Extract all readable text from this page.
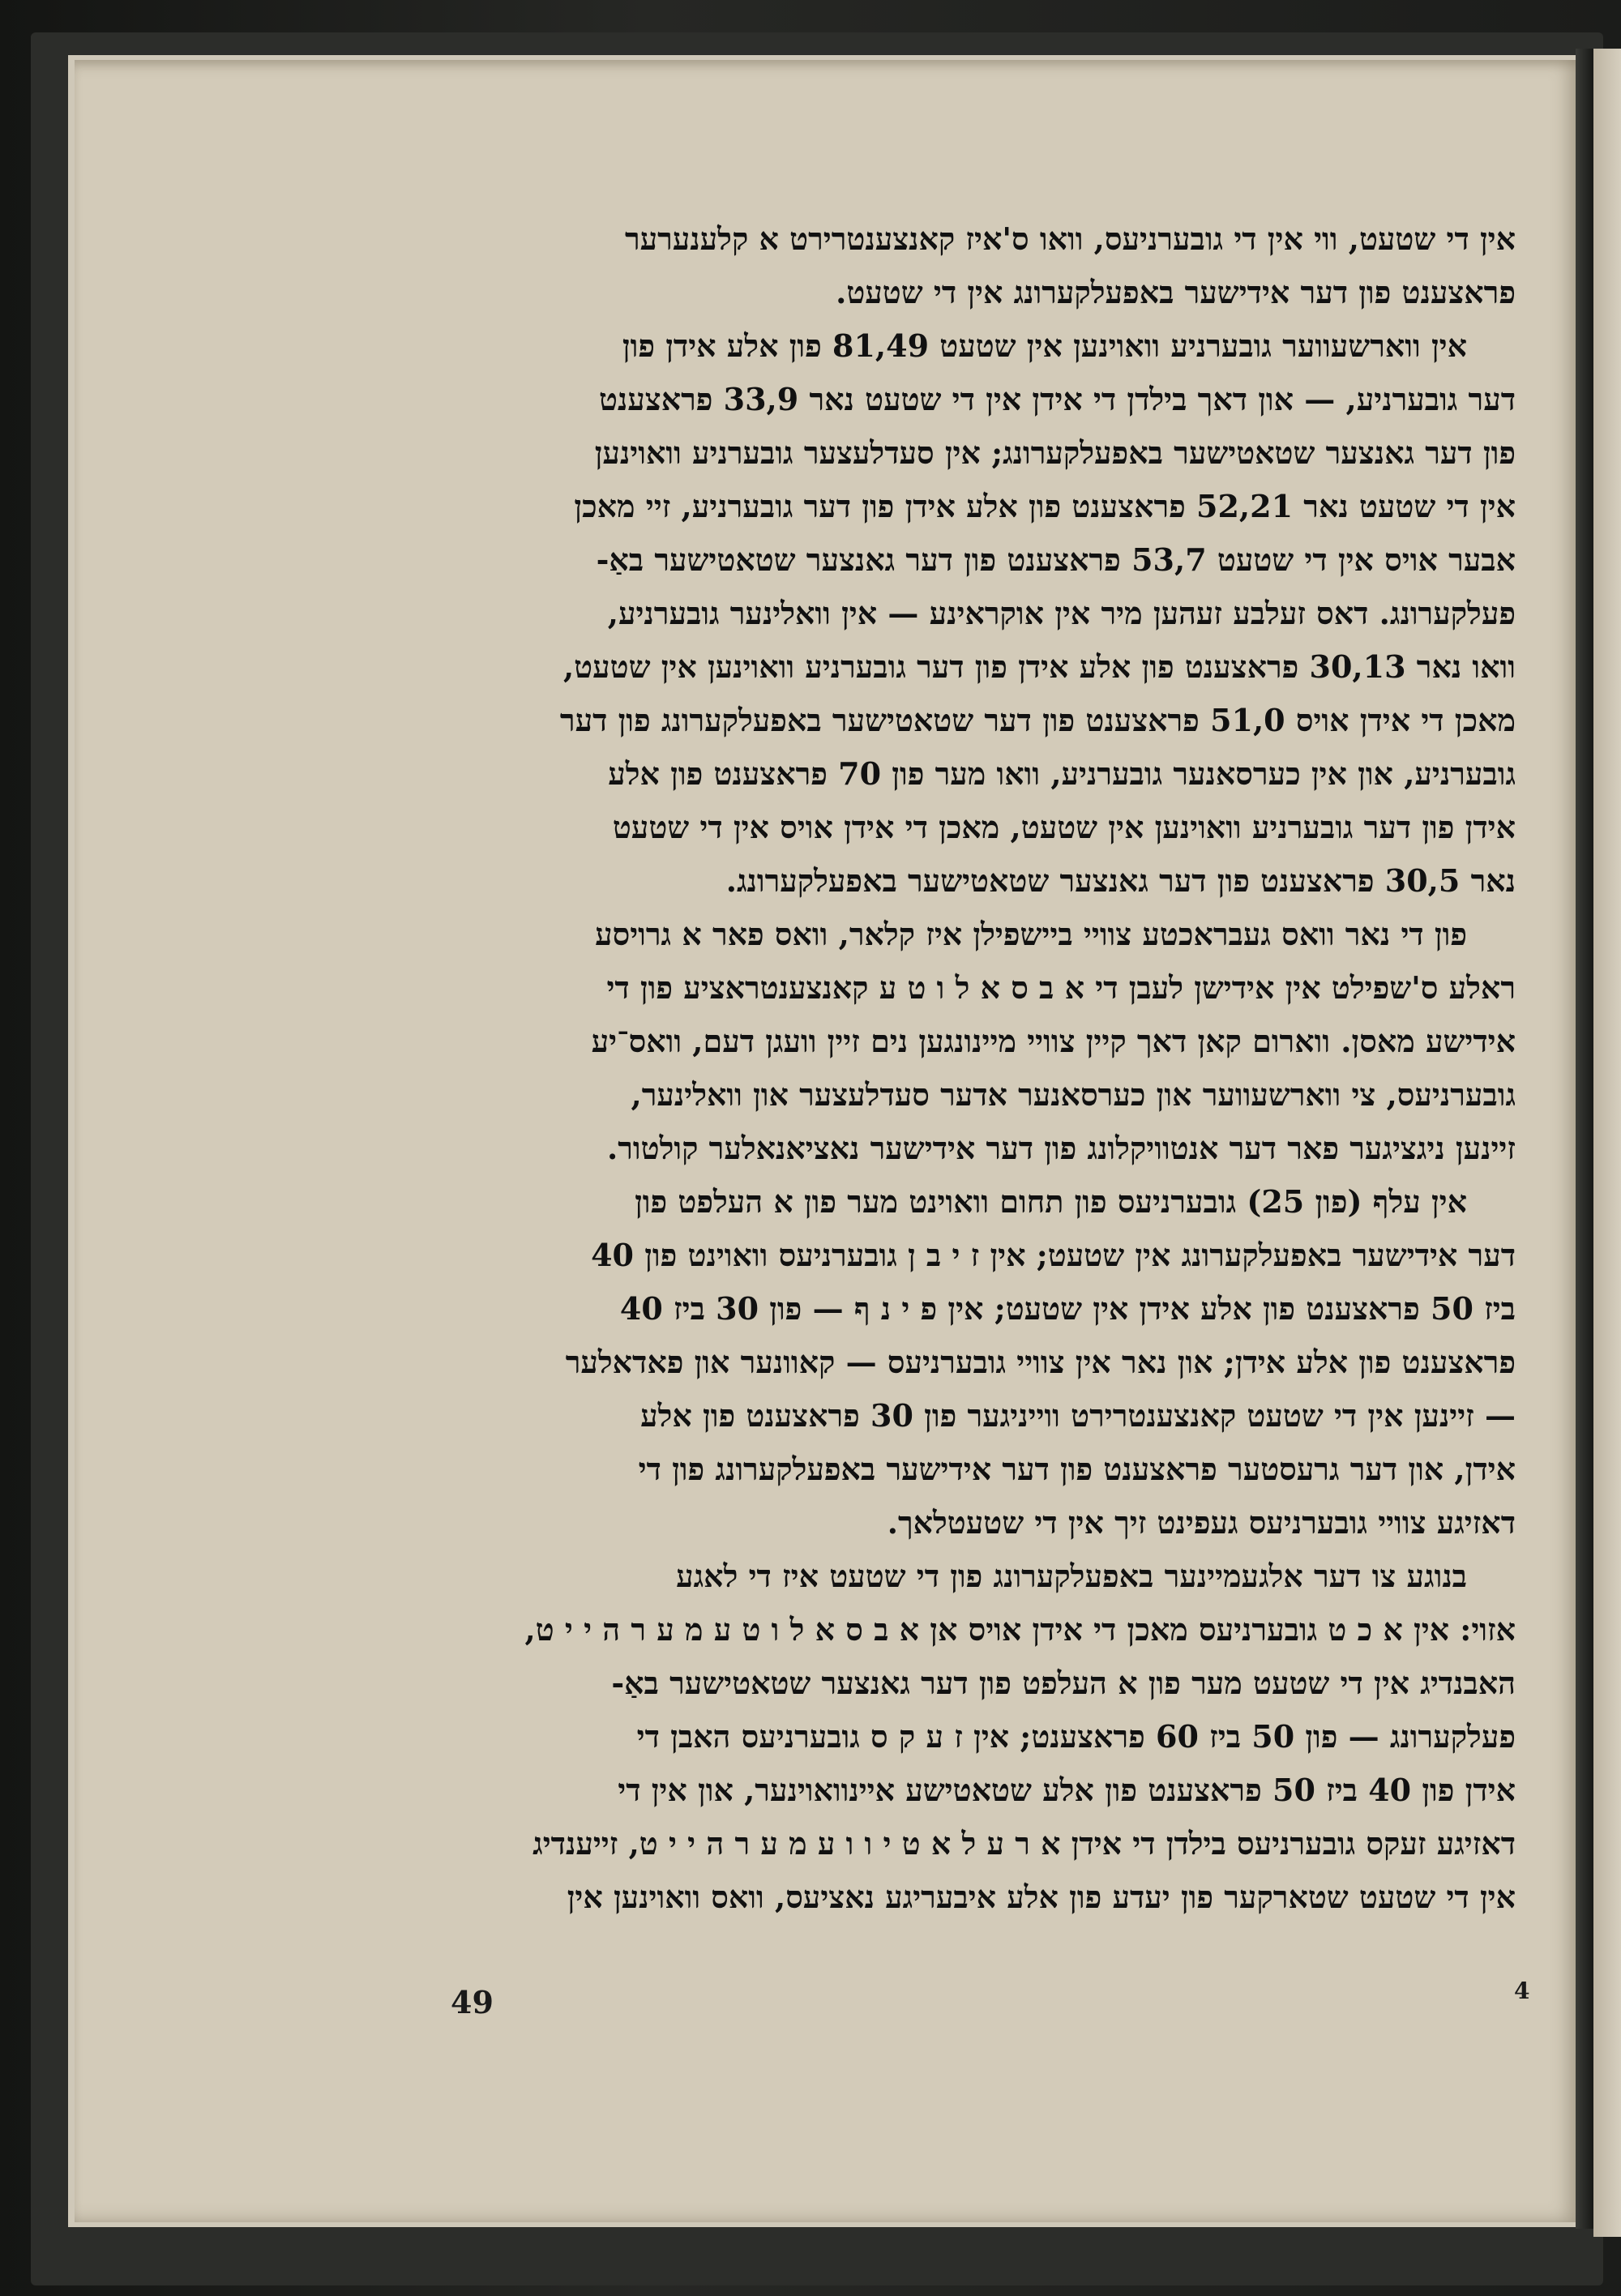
אין די שטעט, ווי אין די גובערניעס, וואו ס'איז קאנצענטרירט א קלענערער
פראצענט פון דער אידישער באפעלקערונג אין די שטעט.
אין ווארשעווער גובערניע וואוינען אין שטעט 81,49 פון אלע אידן פון
דער גובערניע, — און דאך בילדן די אידן אין די שטעט נאר 33,9 פראצענט
פון דער גאנצער שטאטישער באפעלקערונג; אין סעדלעצער גובערניע וואוינען
אין די שטעט נאר 52,21 פראצענט פון אלע אידן פון דער גובערניע, זיי מאכן
אבער אויס אין די שטעט 53,7 פראצענט פון דער גאנצער שטאטישער באַ-
פעלקערונג. דאס זעלבע זעהען מיר אין אוקראינע — אין וואלינער גובערניע,
וואו נאר 30,13 פראצענט פון אלע אידן פון דער גובערניע וואוינען אין שטעט,
מאכן די אידן אויס 51,0 פראצענט פון דער שטאטישער באפעלקערונג פון דער
גובערניע, און אין כערסאנער גובערניע, וואו מער פון 70 פראצענט פון אלע
אידן פון דער גובערניע וואוינען אין שטעט, מאכן די אידן אויס אין די שטעט
נאר 30,5 פראצענט פון דער גאנצער שטאטישער באפעלקערונג.
פון די נאר וואס געבראכטע צוויי ביישפילן איז קלאר, וואס פאר א גרויסע
ראלע ס'שפילט אין אידישן לעבן די א ב ס א ל ו ט ע קאנצענטראציע פון די
אידישע מאסן. ווארום קאן דאך קיין צוויי מיינונגען נים זיין וועגן דעם, וואס־יע
גובערניעס, צי ווארשעווער און כערסאנער אדער סעדלעצער און וואלינער,
זיינען ניגציגער פאר דער אנטוויקלונג פון דער אידישער נאציאנאלער קולטור.
אין עלף (פון 25) גובערניעס פון תחום וואוינט מער פון א העלפט פון
דער אידישער באפעלקערונג אין שטעט; אין ז י ב ן גובערניעס וואוינט פון 40
ביז 50 פראצענט פון אלע אידן אין שטעט; אין פ י נ ף — פון 30 ביז 40
פראצענט פון אלע אידן; און נאר אין צוויי גובערניעס — קאוונער און פאדאלער
— זיינען אין די שטעט קאנצענטרירט ווייניגער פון 30 פראצענט פון אלע
אידן, און דער גרעסטער פראצענט פון דער אידישער באפעלקערונג פון די
דאזיגע צוויי גובערניעס געפינט זיך אין די שטעטלאך.
בנוגע צו דער אלגעמיינער באפעלקערונג פון די שטעט איז די לאגע
אזוי: אין א כ ט גובערניעס מאכן די אידן אויס אן א ב ס א ל ו ט ע מ ע ר ה י י ט,
האבנדיג אין די שטעט מער פון א העלפט פון דער גאנצער שטאטישער באַ-
פעלקערונג — פון 50 ביז 60 פראצענט; אין ז ע ק ס גובערניעס האבן די
אידן פון 40 ביז 50 פראצענט פון אלע שטאטישע איינוואוינער, און אין די
דאזיגע זעקס גובערניעס בילדן די אידן א ר ע ל א ט י ו ו ע מ ע ר ה י י ט, זייענדיג
אין די שטעט שטארקער פון יעדע פון אלע איבעריגע נאציעס, וואס וואוינען אין
49	4
